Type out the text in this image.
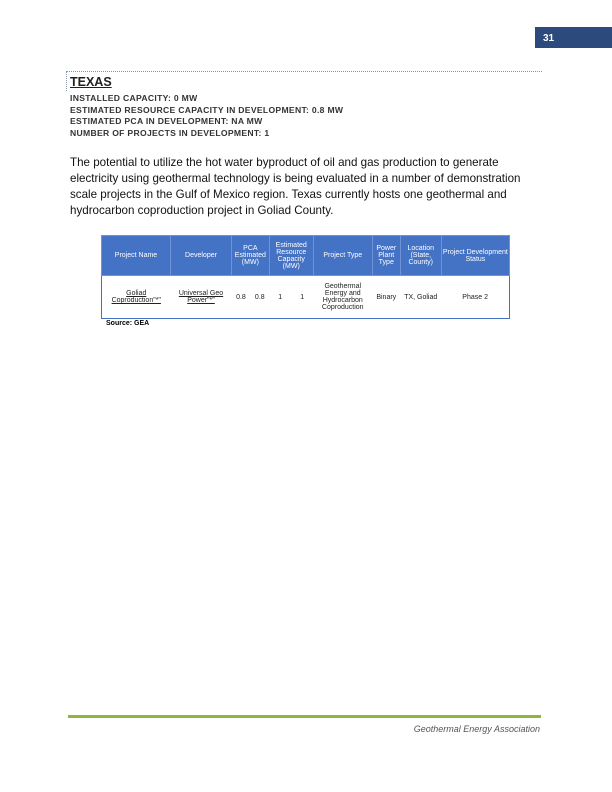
31
TEXAS
INSTALLED CAPACITY: 0 MW
ESTIMATED RESOURCE CAPACITY IN DEVELOPMENT: 0.8 MW
ESTIMATED PCA IN DEVELOPMENT: NA MW
NUMBER OF PROJECTS IN DEVELOPMENT: 1
The potential to utilize the hot water byproduct of oil and gas production to generate electricity using geothermal technology is being evaluated in a number of demonstration scale projects in the Gulf of Mexico region. Texas currently hosts one geothermal and hydrocarbon coproduction project in Goliad County.
Project Name	Developer	PCA Estimated (MW)		Estimated Resource Capacity (MW)		Project Type	Power Plant Type	Location (State, County)	Project Development Status
Goliad Coproduction"*"	Universal Geo Power"*"	0.8	0.8	1	1	Geothermal Energy and Hydrocarbon Coproduction	Binary	TX, Goliad	Phase 2
Source: GEA
Geothermal Energy Association
